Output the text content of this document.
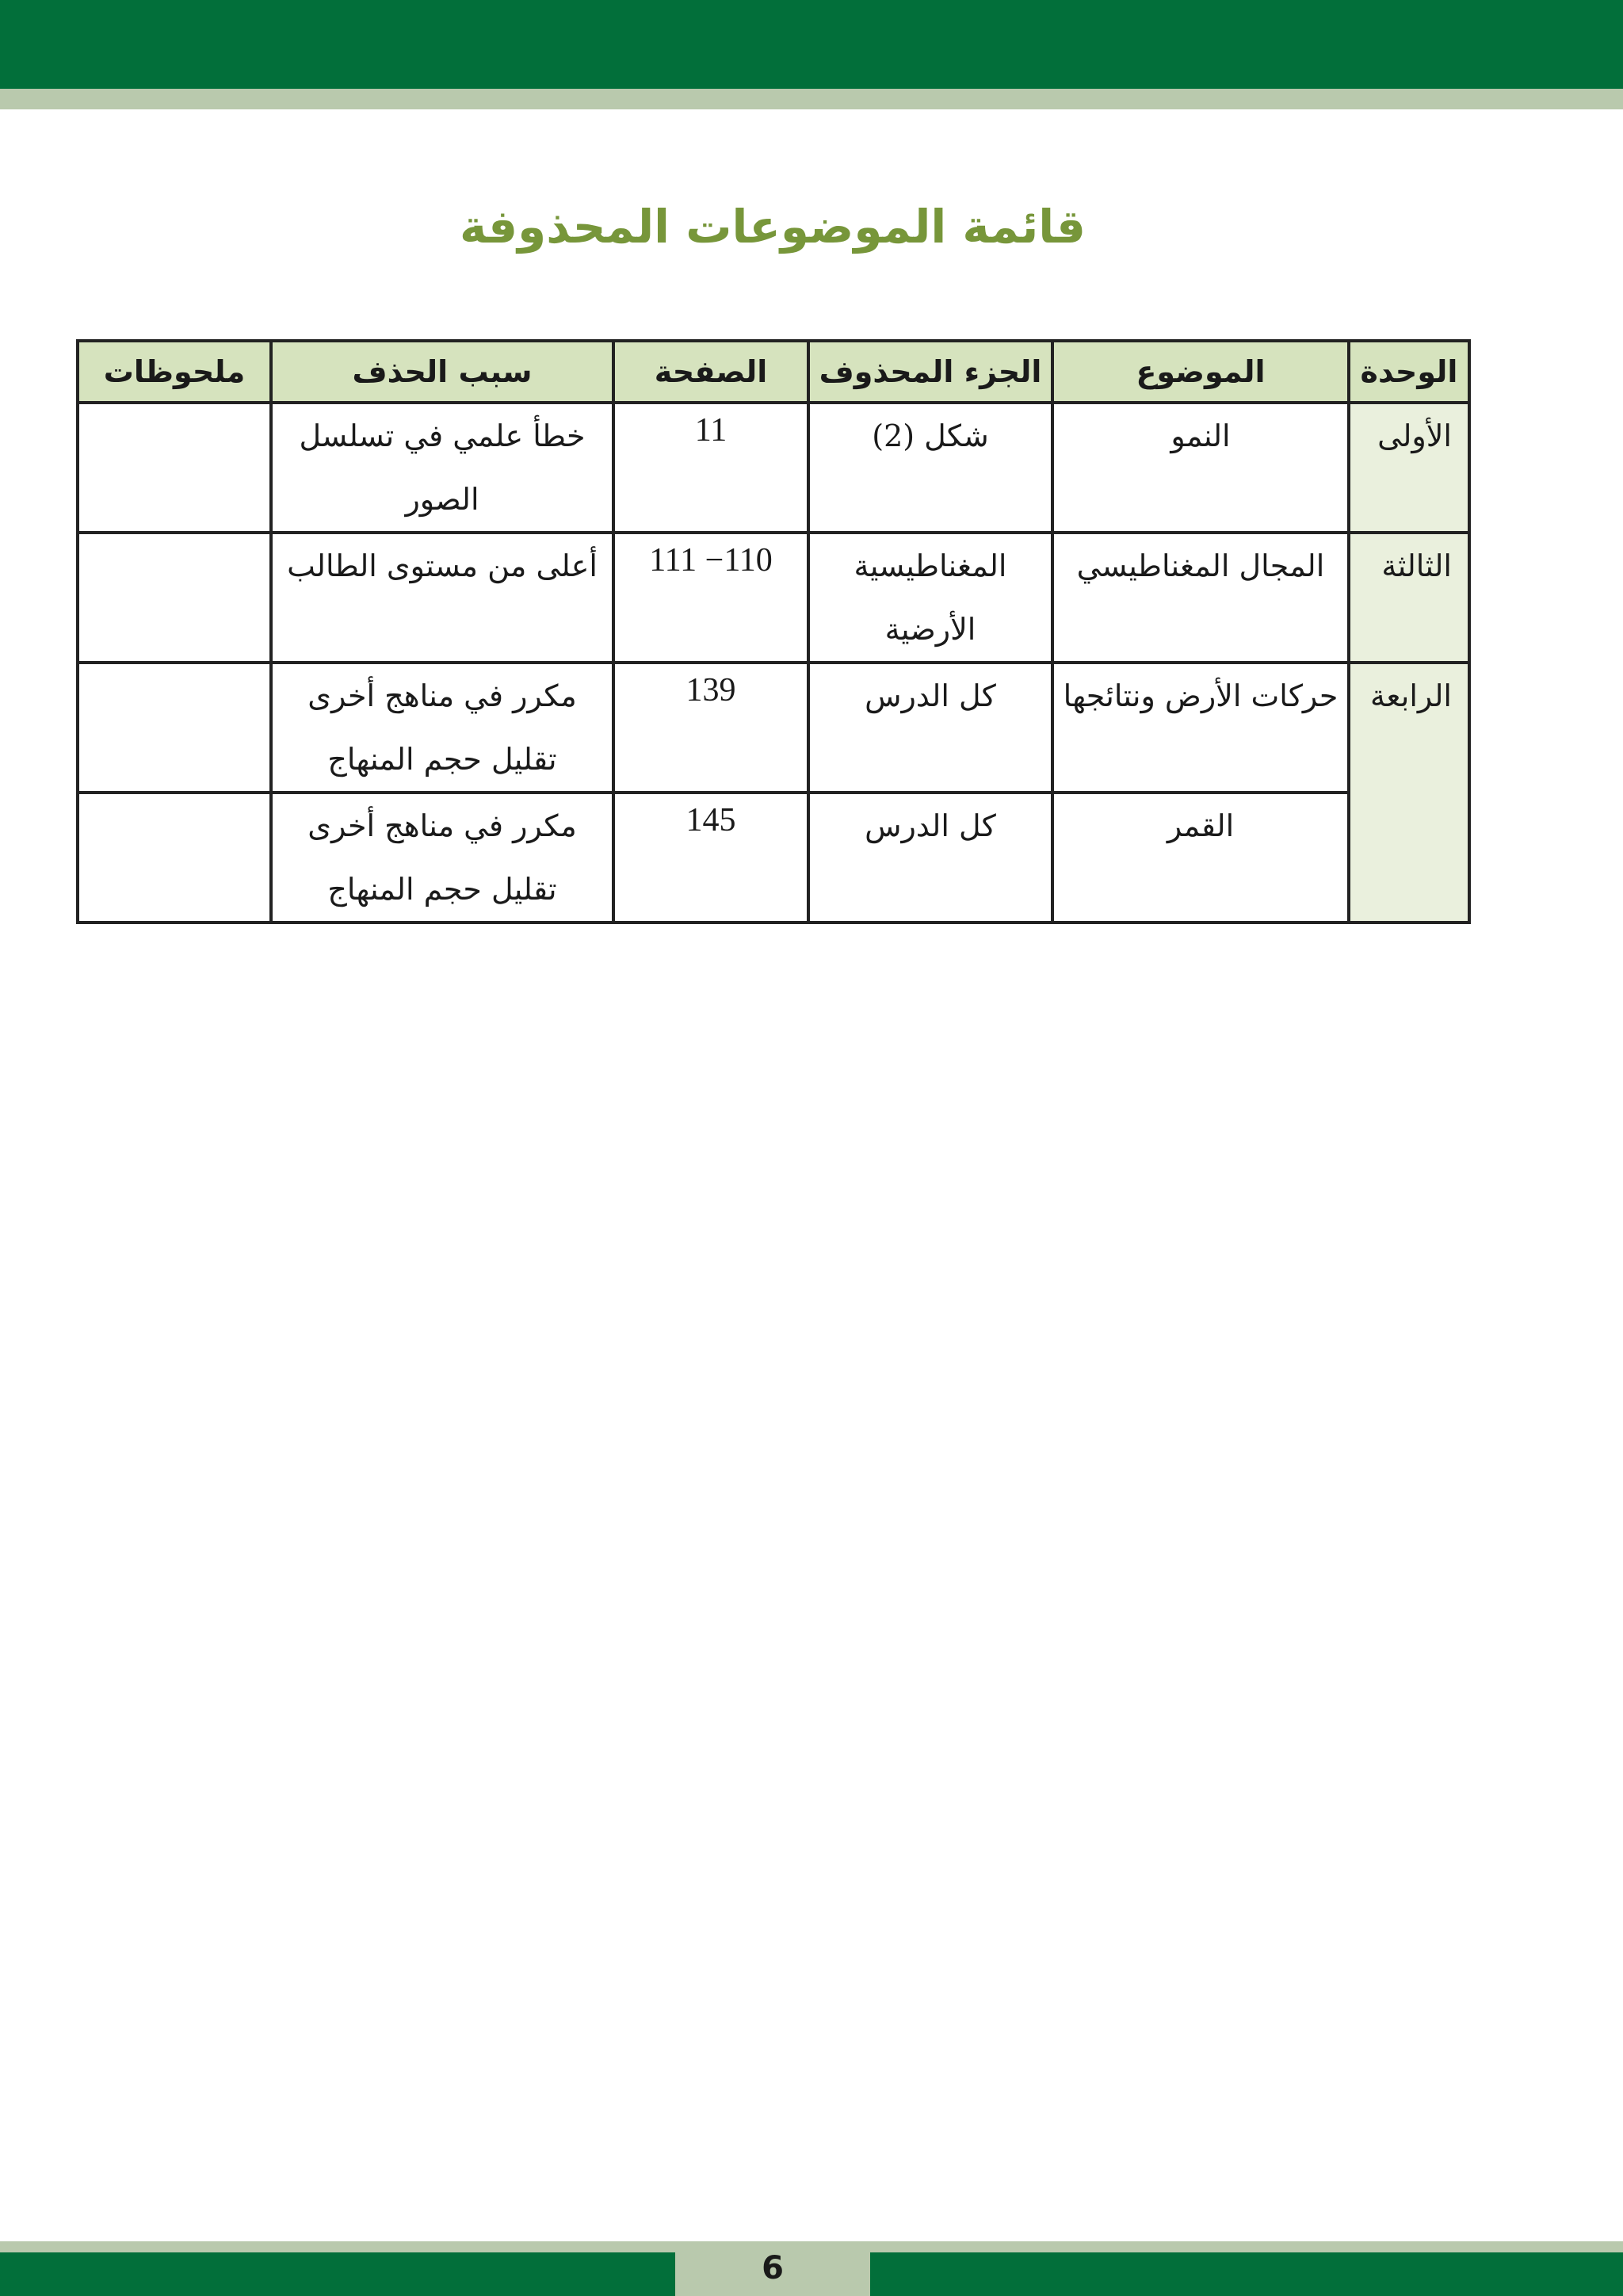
قائمة الموضوعات المحذوفة
الوحدة	الموضوع	الجزء المحذوف	الصفحة	سبب الحذف	ملحوظات
الأولى	النمو	شكل (2)	11	خطأ علمي في تسلسل الصور	
الثالثة	المجال المغناطيسي	المغناطيسية الأرضية	110− 111	أعلى من مستوى الطالب	
الرابعة	حركات الأرض ونتائجها	كل الدرس	139	مكرر في مناهج أخرى تقليل حجم المنهاج	
	القمر	كل الدرس	145	مكرر في مناهج أخرى تقليل حجم المنهاج	
6
